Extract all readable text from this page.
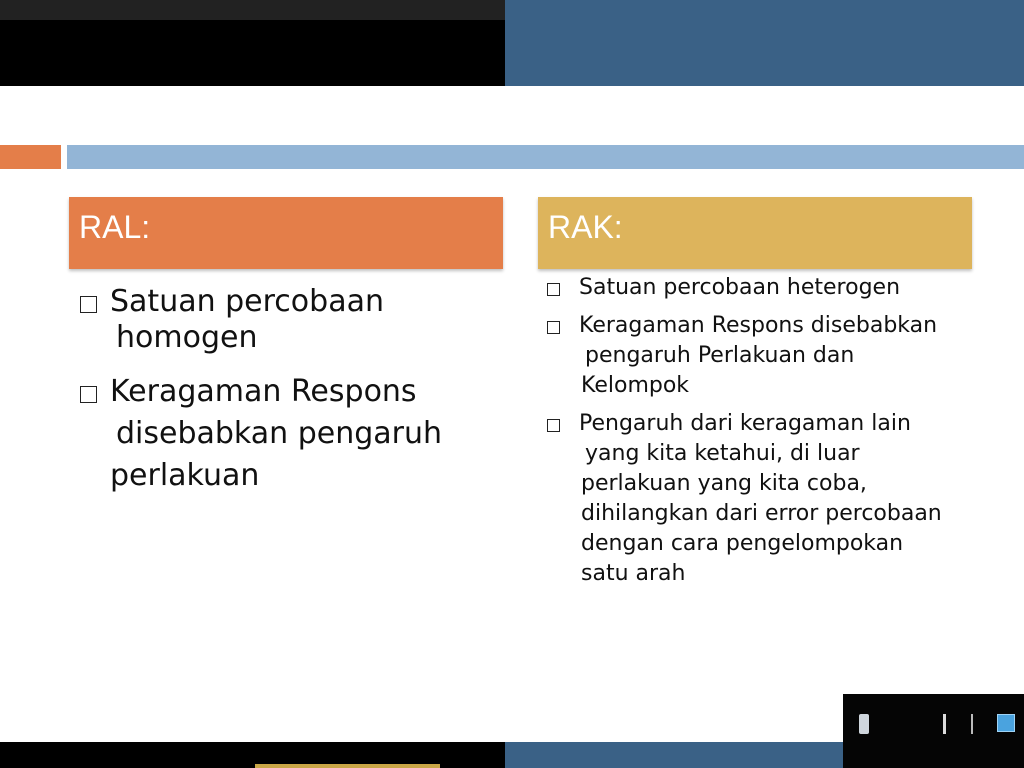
RAL:
Satuan percobaan
homogen
Keragaman Respons
disebabkan pengaruh
perlakuan
RAK:
Satuan percobaan heterogen
Keragaman Respons disebabkan
pengaruh Perlakuan dan
Kelompok
Pengaruh dari keragaman lain
yang kita ketahui, di luar
perlakuan yang kita coba,
dihilangkan dari error percobaan
dengan cara pengelompokan
satu arah
